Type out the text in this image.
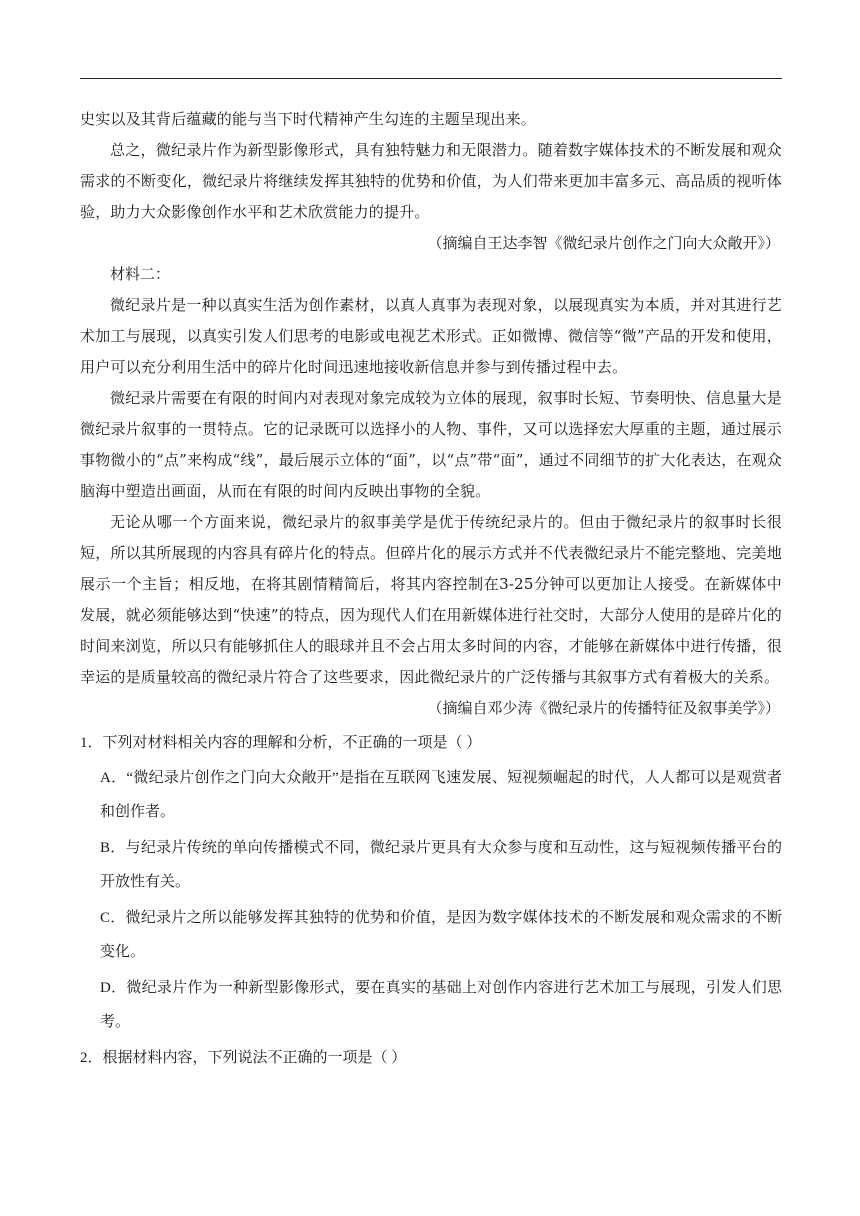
史实以及其背后蕴藏的能与当下时代精神产生勾连的主题呈现出来。

总之，微纪录片作为新型影像形式，具有独特魅力和无限潜力。随着数字媒体技术的不断发展和观众需求的不断变化，微纪录片将继续发挥其独特的优势和价值，为人们带来更加丰富多元、高品质的视听体验，助力大众影像创作水平和艺术欣赏能力的提升。

（摘编自王达李智《微纪录片创作之门向大众敞开》）

材料二：

微纪录片是一种以真实生活为创作素材，以真人真事为表现对象，以展现真实为本质，并对其进行艺术加工与展现，以真实引发人们思考的电影或电视艺术形式。正如微博、微信等“微”产品的开发和使用，用户可以充分利用生活中的碎片化时间迅速地接收新信息并参与到传播过程中去。

微纪录片需要在有限的时间内对表现对象完成较为立体的展现，叙事时长短、节奏明快、信息量大是微纪录片叙事的一贯特点。它的记录既可以选择小的人物、事件，又可以选择宏大厚重的主题，通过展示事物微小的“点”来构成“线”，最后展示立体的“面”，以“点”带“面”，通过不同细节的扩大化表达，在观众脑海中塑造出画面，从而在有限的时间内反映出事物的全貌。

无论从哪一个方面来说，微纪录片的叙事美学是优于传统纪录片的。但由于微纪录片的叙事时长很短，所以其所展现的内容具有碎片化的特点。但碎片化的展示方式并不代表微纪录片不能完整地、完美地展示一个主旨；相反地，在将其剧情精简后，将其内容控制在3-25分钟可以更加让人接受。在新媒体中发展，就必须能够达到“快速”的特点，因为现代人们在用新媒体进行社交时，大部分人使用的是碎片化的时间来浏览，所以只有能够抓住人的眼球并且不会占用太多时间的内容，才能够在新媒体中进行传播，很幸运的是质量较高的微纪录片符合了这些要求，因此微纪录片的广泛传播与其叙事方式有着极大的关系。

（摘编自邓少涛《微纪录片的传播特征及叙事美学》）

1．下列对材料相关内容的理解和分析，不正确的一项是（ ）

A．“微纪录片创作之门向大众敞开”是指在互联网飞速发展、短视频崛起的时代，人人都可以是观赏者和创作者。

B．与纪录片传统的单向传播模式不同，微纪录片更具有大众参与度和互动性，这与短视频传播平台的开放性有关。

C．微纪录片之所以能够发挥其独特的优势和价值，是因为数字媒体技术的不断发展和观众需求的不断变化。

D．微纪录片作为一种新型影像形式，要在真实的基础上对创作内容进行艺术加工与展现，引发人们思考。

2．根据材料内容，下列说法不正确的一项是（ ）
